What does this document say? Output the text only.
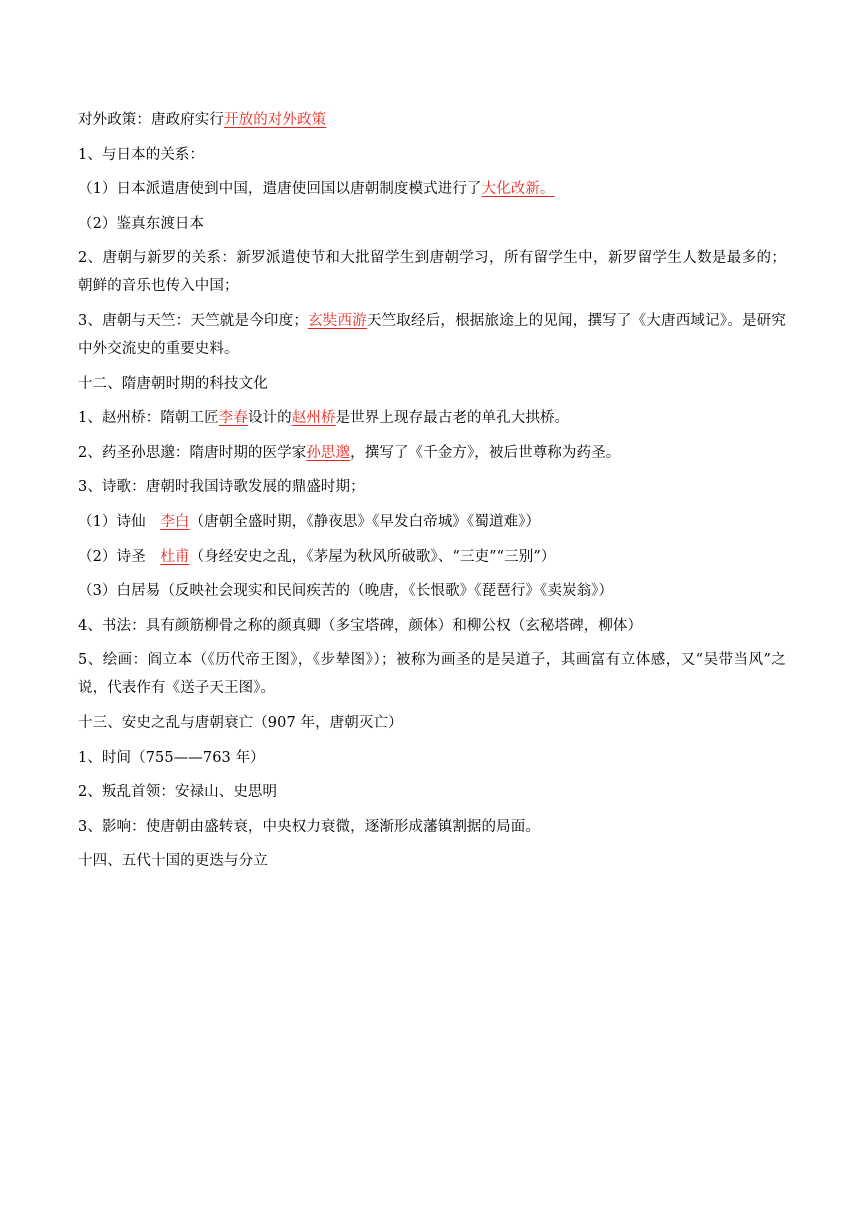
对外政策：唐政府实行开放的对外政策
1、与日本的关系：
（1）日本派遣唐使到中国，遣唐使回国以唐朝制度模式进行了大化改新。
（2）鉴真东渡日本
2、唐朝与新罗的关系：新罗派遣使节和大批留学生到唐朝学习，所有留学生中，新罗留学生人数是最多的；朝鲜的音乐也传入中国；
3、唐朝与天竺：天竺就是今印度；玄奘西游天竺取经后，根据旅途上的见闻，撰写了《大唐西域记》。是研究中外交流史的重要史料。
十二、隋唐朝时期的科技文化
1、赵州桥：隋朝工匠李春设计的赵州桥是世界上现存最古老的单孔大拱桥。
2、药圣孙思邈：隋唐时期的医学家孙思邈，撰写了《千金方》，被后世尊称为药圣。
3、诗歌：唐朝时我国诗歌发展的鼎盛时期；
（1）诗仙　李白（唐朝全盛时期，《静夜思》《早发白帝城》《蜀道难》）
（2）诗圣　杜甫（身经安史之乱，《茅屋为秋风所破歌》、“三吏”“三别”）
（3）白居易（反映社会现实和民间疾苦的（晚唐，《长恨歌》《琵琶行》《卖炭翁》）
4、书法：具有颜筋柳骨之称的颜真卿（多宝塔碑，颜体）和柳公权（玄秘塔碑，柳体）
5、绘画：阎立本（《历代帝王图》，《步辇图》）；被称为画圣的是吴道子，其画富有立体感，又“吴带当风”之说，代表作有《送子天王图》。
十三、安史之乱与唐朝衰亡（907 年，唐朝灭亡）
1、时间（755——763 年）
2、叛乱首领：安禄山、史思明
3、影响：使唐朝由盛转衰，中央权力衰微，逐渐形成藩镇割据的局面。
十四、五代十国的更迭与分立
